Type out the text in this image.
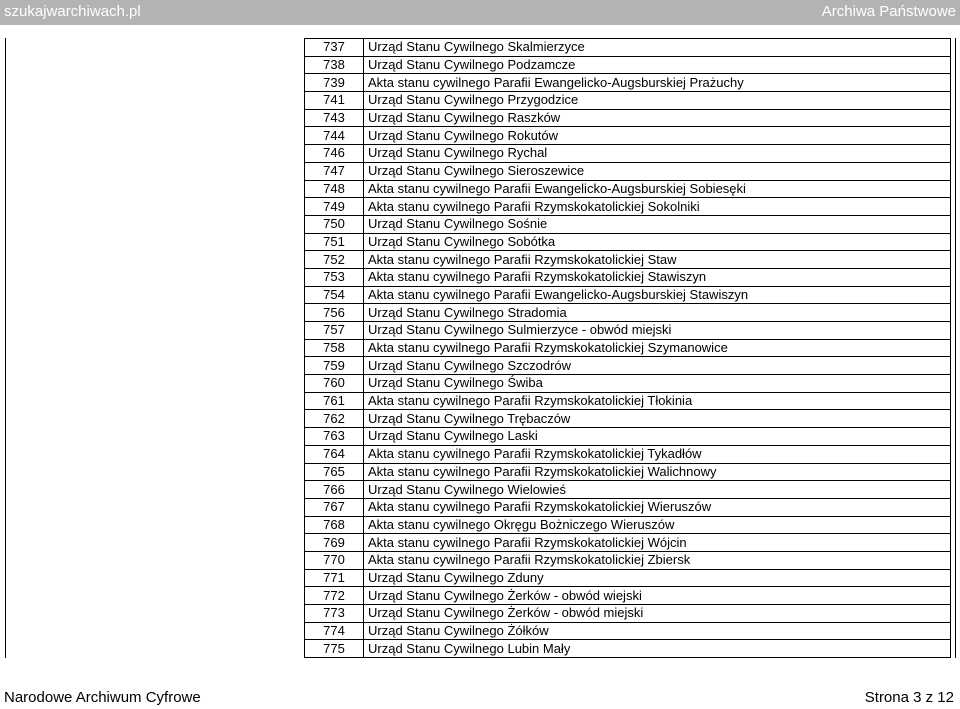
szukajwarchiwach.pl	Archiwa Państwowe
737	Urząd Stanu Cywilnego Skalmierzyce
738	Urząd Stanu Cywilnego Podzamcze
739	Akta stanu cywilnego Parafii Ewangelicko-Augsburskiej Prażuchy
741	Urząd Stanu Cywilnego Przygodzice
743	Urząd Stanu Cywilnego Raszków
744	Urząd Stanu Cywilnego Rokutów
746	Urząd Stanu Cywilnego Rychal
747	Urząd Stanu Cywilnego Sieroszewice
748	Akta stanu cywilnego Parafii Ewangelicko-Augsburskiej Sobiesęki
749	Akta stanu cywilnego Parafii Rzymskokatolickiej Sokolniki
750	Urząd Stanu Cywilnego Sośnie
751	Urząd Stanu Cywilnego Sobótka
752	Akta stanu cywilnego Parafii Rzymskokatolickiej Staw
753	Akta stanu cywilnego Parafii Rzymskokatolickiej Stawiszyn
754	Akta stanu cywilnego Parafii Ewangelicko-Augsburskiej Stawiszyn
756	Urząd Stanu Cywilnego Stradomia
757	Urząd Stanu Cywilnego Sulmierzyce - obwód miejski
758	Akta stanu cywilnego Parafii Rzymskokatolickiej Szymanowice
759	Urząd Stanu Cywilnego Szczodrów
760	Urząd Stanu Cywilnego Świba
761	Akta stanu cywilnego Parafii Rzymskokatolickiej Tłokinia
762	Urząd Stanu Cywilnego Trębaczów
763	Urząd Stanu Cywilnego Laski
764	Akta stanu cywilnego Parafii Rzymskokatolickiej Tykadłów
765	Akta stanu cywilnego Parafii Rzymskokatolickiej Walichnowy
766	Urząd Stanu Cywilnego Wielowieś
767	Akta stanu cywilnego Parafii Rzymskokatolickiej Wieruszów
768	Akta stanu cywilnego Okręgu Bożniczego Wieruszów
769	Akta stanu cywilnego Parafii Rzymskokatolickiej Wójcin
770	Akta stanu cywilnego Parafii Rzymskokatolickiej Zbiersk
771	Urząd Stanu Cywilnego Zduny
772	Urząd Stanu Cywilnego Żerków - obwód wiejski
773	Urząd Stanu Cywilnego Żerków - obwód miejski
774	Urząd Stanu Cywilnego Żółków
775	Urząd Stanu Cywilnego Lubin Mały
Narodowe Archiwum Cyfrowe	Strona 3 z 12
